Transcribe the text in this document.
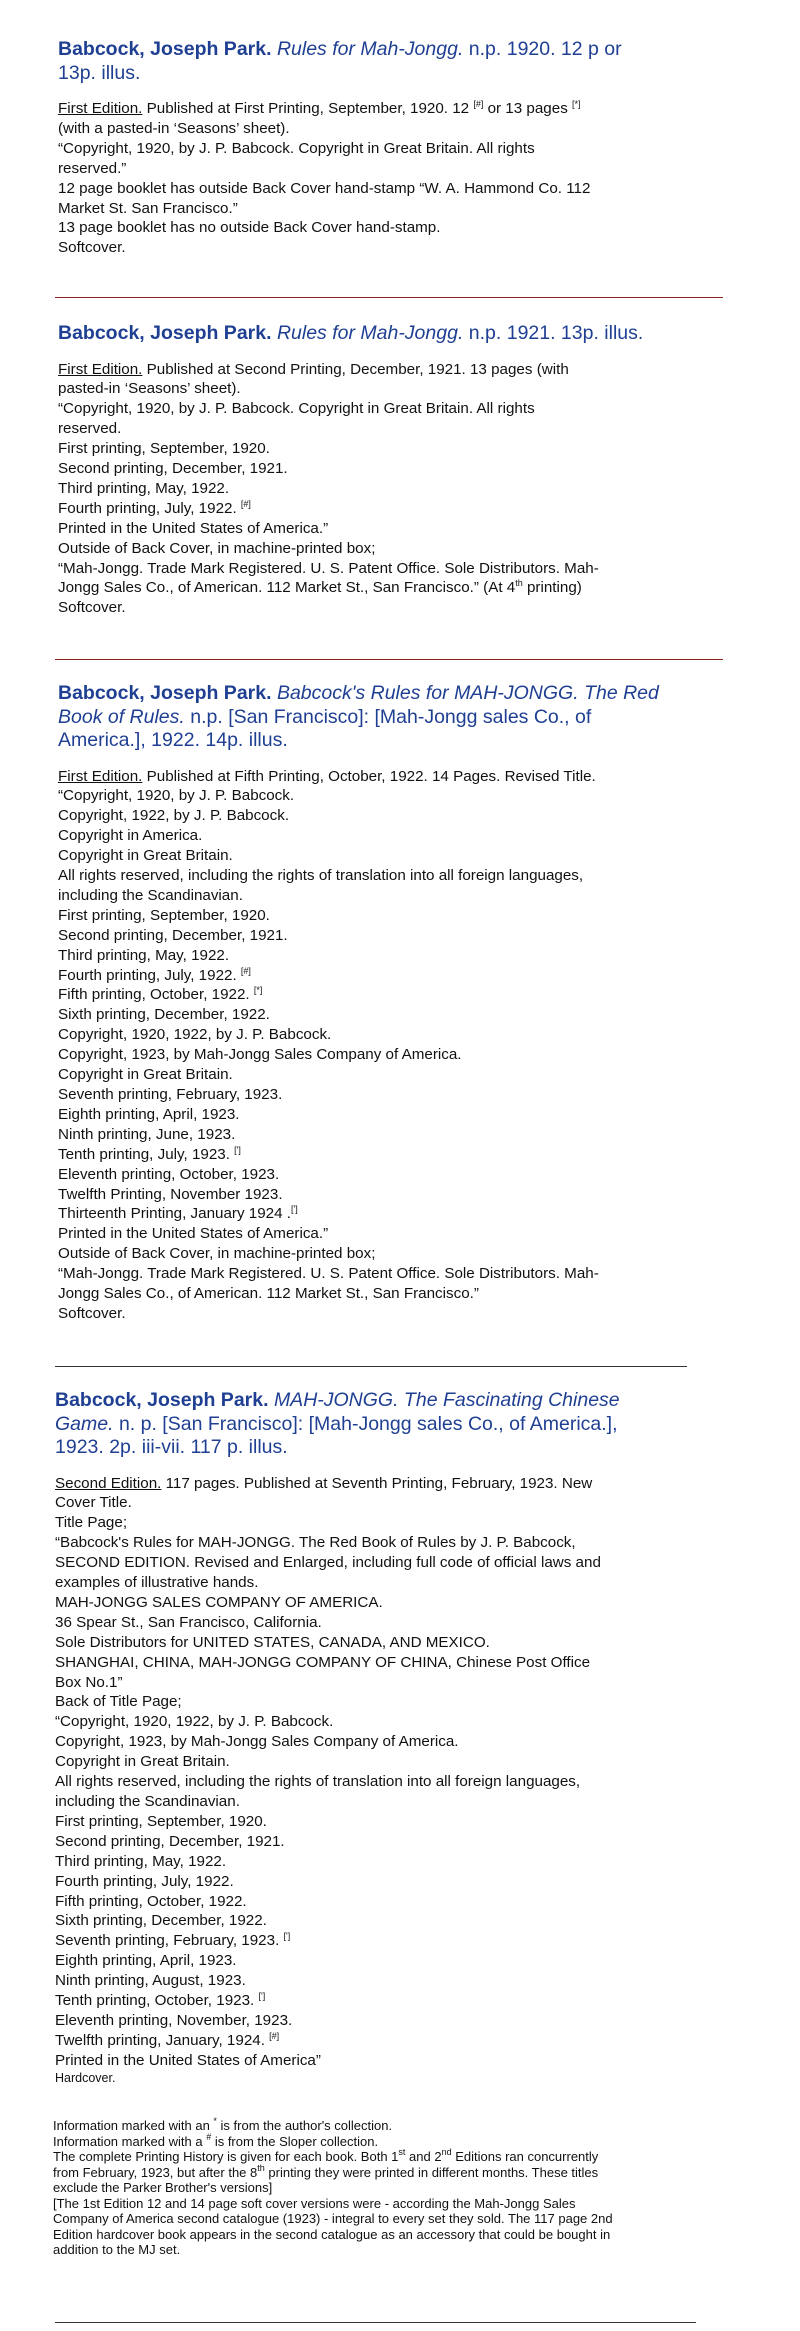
Babcock, Joseph Park. Rules for Mah-Jongg. n.p. 1920. 12 p or
13p. illus.
First Edition. Published at First Printing, September, 1920. 12 [#] or 13 pages [*]
(with a pasted-in ‘Seasons’ sheet).
“Copyright, 1920, by J. P. Babcock. Copyright in Great Britain. All rights
reserved.”
12 page booklet has outside Back Cover hand-stamp “W. A. Hammond Co. 112
Market St. San Francisco.”
13 page booklet has no outside Back Cover hand-stamp.
Softcover.
Babcock, Joseph Park. Rules for Mah-Jongg. n.p. 1921. 13p. illus.
First Edition. Published at Second Printing, December, 1921. 13 pages (with
pasted-in ‘Seasons’ sheet).
“Copyright, 1920, by J. P. Babcock. Copyright in Great Britain. All rights
reserved.
First printing, September, 1920.
Second printing, December, 1921.
Third printing, May, 1922.
Fourth printing, July, 1922. [#]
Printed in the United States of America.”
Outside of Back Cover, in machine-printed box;
“Mah-Jongg. Trade Mark Registered. U. S. Patent Office. Sole Distributors. Mah-
Jongg Sales Co., of American. 112 Market St., San Francisco.” (At 4th printing)
Softcover.
Babcock, Joseph Park. Babcock's Rules for MAH-JONGG. The Red
Book of Rules. n.p. [San Francisco]: [Mah-Jongg sales Co., of
America.], 1922. 14p. illus.
First Edition. Published at Fifth Printing, October, 1922. 14 Pages. Revised Title.
“Copyright, 1920, by J. P. Babcock.
Copyright, 1922, by J. P. Babcock.
Copyright in America.
Copyright in Great Britain.
All rights reserved, including the rights of translation into all foreign languages,
including the Scandinavian.
First printing, September, 1920.
Second printing, December, 1921.
Third printing, May, 1922.
Fourth printing, July, 1922. [#]
Fifth printing, October, 1922. [*]
Sixth printing, December, 1922.
Copyright, 1920, 1922, by J. P. Babcock.
Copyright, 1923, by Mah-Jongg Sales Company of America.
Copyright in Great Britain.
Seventh printing, February, 1923.
Eighth printing, April, 1923.
Ninth printing, June, 1923.
Tenth printing, July, 1923. [']
Eleventh printing, October, 1923.
Twelfth Printing, November 1923.
Thirteenth Printing, January 1924 .[']
Printed in the United States of America.”
Outside of Back Cover, in machine-printed box;
“Mah-Jongg. Trade Mark Registered. U. S. Patent Office. Sole Distributors. Mah-
Jongg Sales Co., of American. 112 Market St., San Francisco.”
Softcover.
Babcock, Joseph Park. MAH-JONGG. The Fascinating Chinese
Game. n. p. [San Francisco]: [Mah-Jongg sales Co., of America.],
1923. 2p. iii-vii. 117 p. illus.
Second Edition. 117 pages. Published at Seventh Printing, February, 1923. New
Cover Title.
Title Page;
“Babcock's Rules for MAH-JONGG. The Red Book of Rules by J. P. Babcock,
SECOND EDITION. Revised and Enlarged, including full code of official laws and
examples of illustrative hands.
MAH-JONGG SALES COMPANY OF AMERICA.
36 Spear St., San Francisco, California.
Sole Distributors for UNITED STATES, CANADA, AND MEXICO.
SHANGHAI, CHINA, MAH-JONGG COMPANY OF CHINA, Chinese Post Office
Box No.1”
Back of Title Page;
“Copyright, 1920, 1922, by J. P. Babcock.
Copyright, 1923, by Mah-Jongg Sales Company of America.
Copyright in Great Britain.
All rights reserved, including the rights of translation into all foreign languages,
including the Scandinavian.
First printing, September, 1920.
Second printing, December, 1921.
Third printing, May, 1922.
Fourth printing, July, 1922.
Fifth printing, October, 1922.
Sixth printing, December, 1922.
Seventh printing, February, 1923. [']
Eighth printing, April, 1923.
Ninth printing, August, 1923.
Tenth printing, October, 1923. [']
Eleventh printing, November, 1923.
Twelfth printing, January, 1924. [#]
Printed in the United States of America”
Hardcover.
Information marked with an * is from the author's collection.
Information marked with a # is from the Sloper collection.
The complete Printing History is given for each book. Both 1st and 2nd Editions ran concurrently
from February, 1923, but after the 8th printing they were printed in different months. These titles
exclude the Parker Brother's versions]
[The 1st Edition 12 and 14 page soft cover versions were - according the Mah-Jongg Sales
Company of America second catalogue (1923) - integral to every set they sold. The 117 page 2nd
Edition hardcover book appears in the second catalogue as an accessory that could be bought in
addition to the MJ set.
